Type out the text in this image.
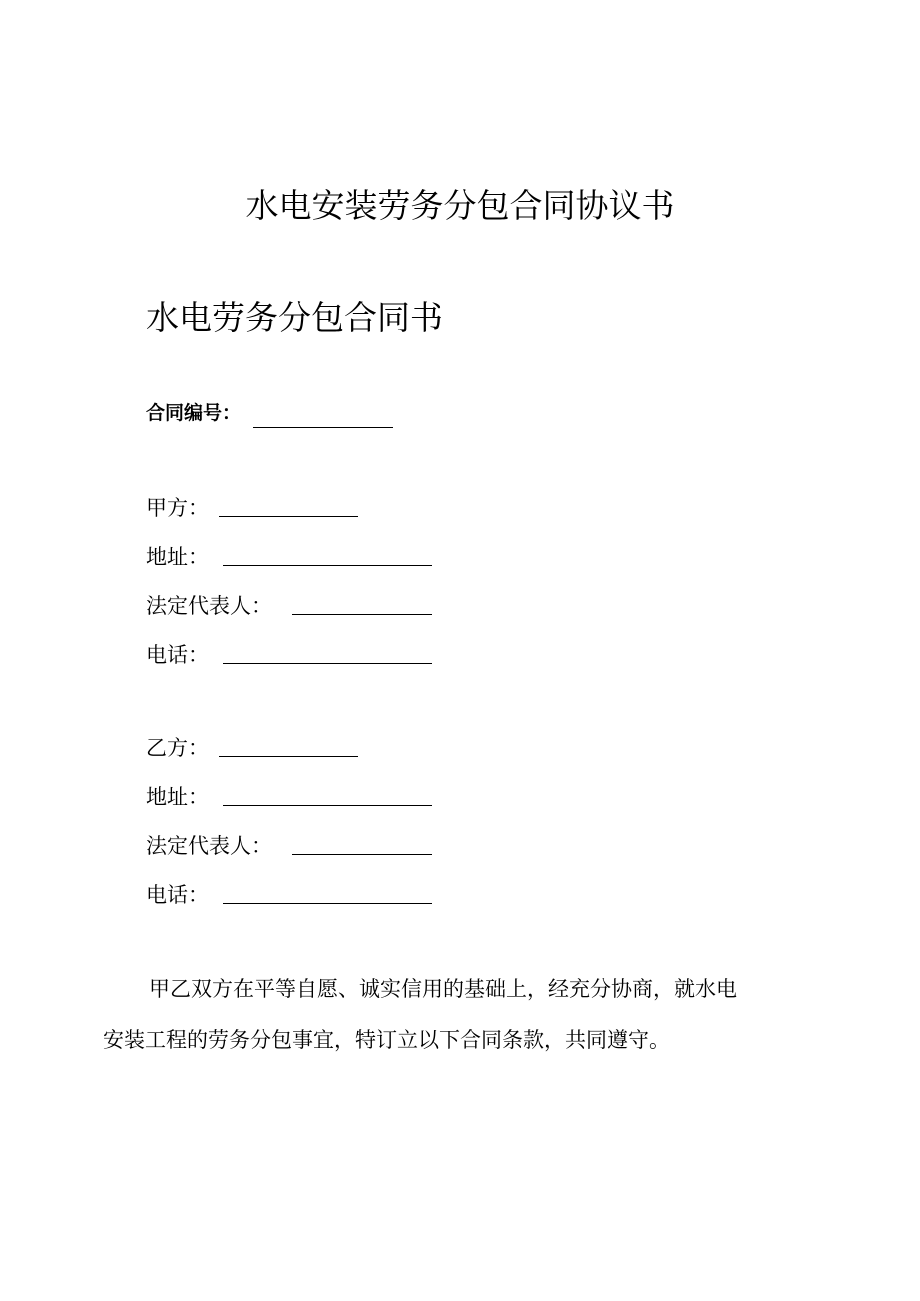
水电安装劳务分包合同协议书
水电劳务分包合同书
合同编号：
甲方：
地址：
法定代表人：
电话：
乙方：
地址：
法定代表人：
电话：
甲乙双方在平等自愿、诚实信用的基础上，经充分协商，就水电
安装工程的劳务分包事宜，特订立以下合同条款，共同遵守。
